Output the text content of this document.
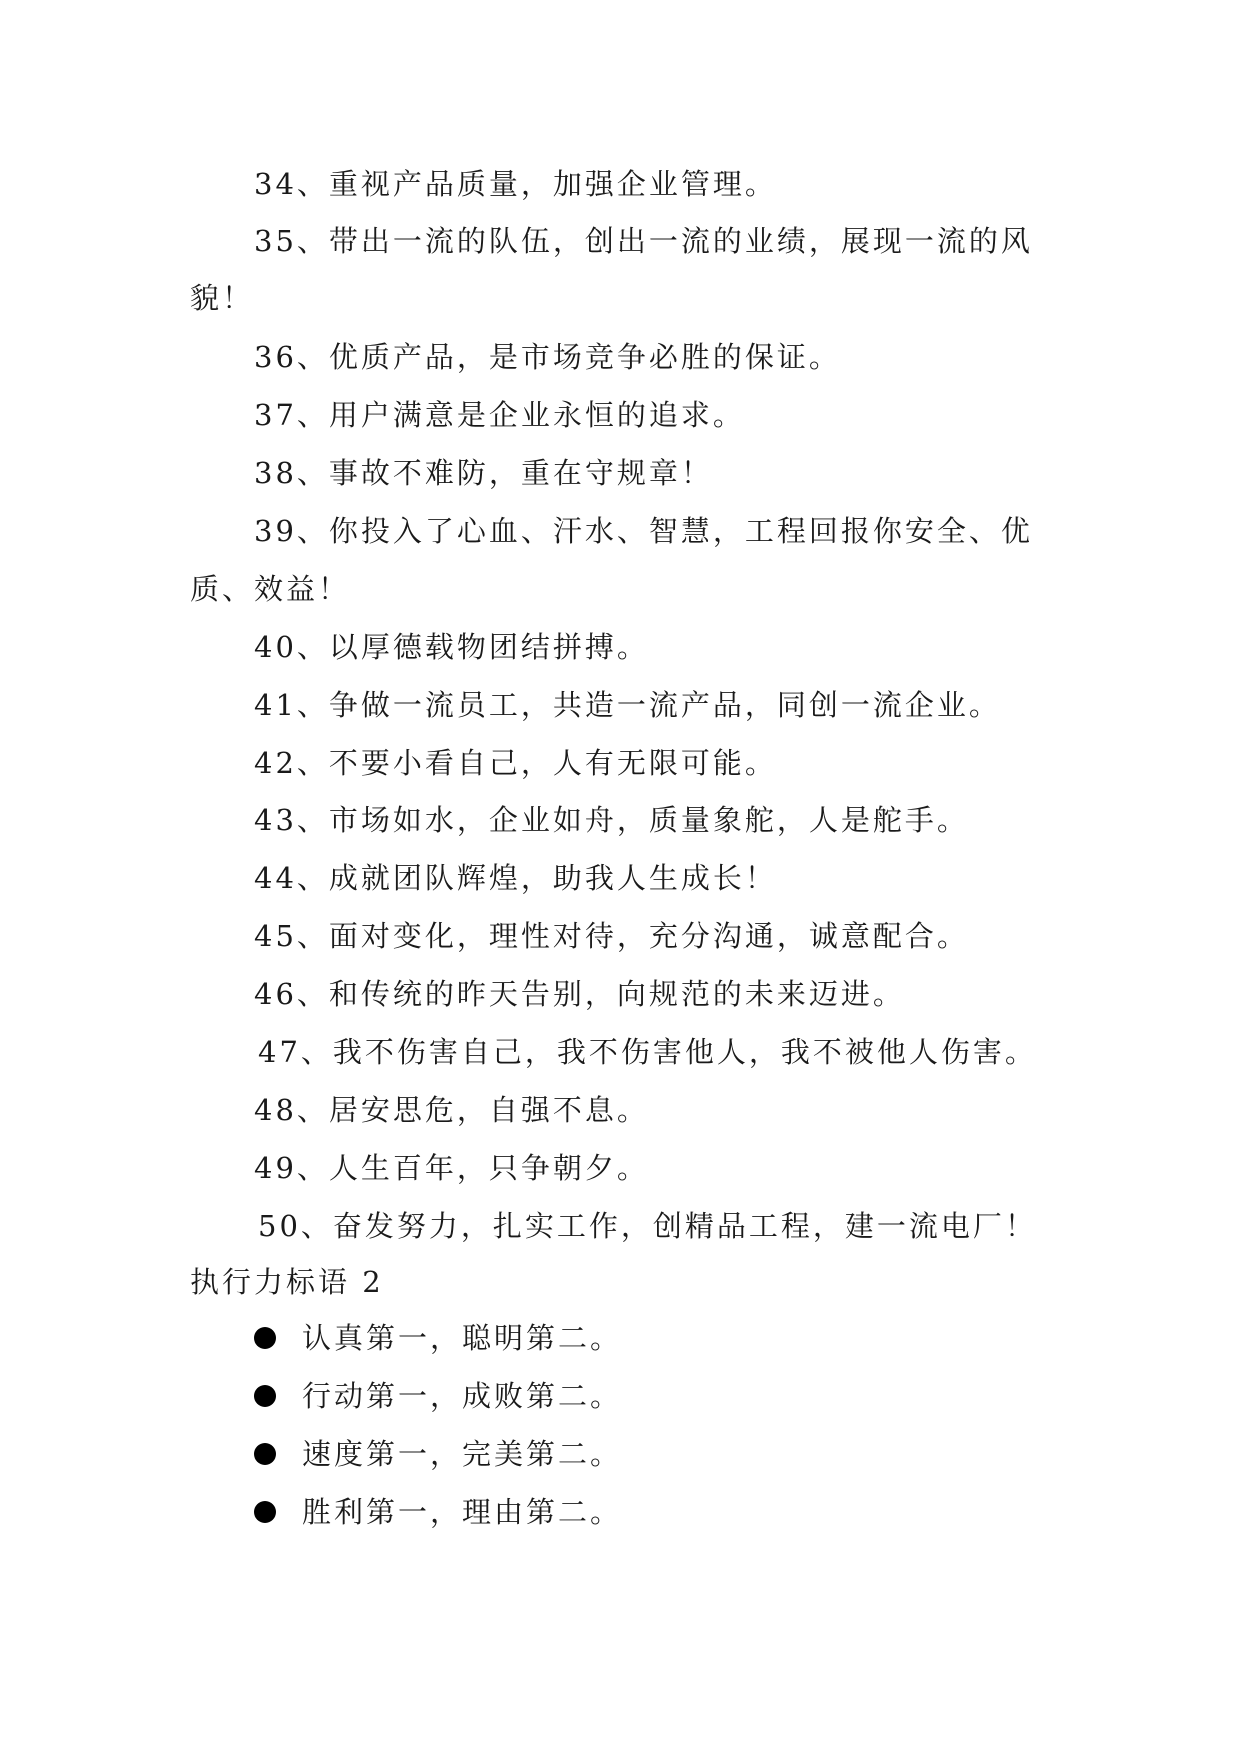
34、重视产品质量，加强企业管理。
35、带出一流的队伍，创出一流的业绩，展现一流的风
貌！
36、优质产品，是市场竞争必胜的保证。
37、用户满意是企业永恒的追求。
38、事故不难防，重在守规章！
39、你投入了心血、汗水、智慧，工程回报你安全、优
质、效益！
40、以厚德载物团结拼搏。
41、争做一流员工，共造一流产品，同创一流企业。
42、不要小看自己，人有无限可能。
43、市场如水，企业如舟，质量象舵，人是舵手。
44、成就团队辉煌，助我人生成长！
45、面对变化，理性对待，充分沟通，诚意配合。
46、和传统的昨天告别，向规范的未来迈进。
47、我不伤害自己，我不伤害他人，我不被他人伤害。
48、居安思危，自强不息。
49、人生百年，只争朝夕。
50、奋发努力，扎实工作，创精品工程，建一流电厂！
执行力标语 2
认真第一，聪明第二。
行动第一，成败第二。
速度第一，完美第二。
胜利第一，理由第二。
